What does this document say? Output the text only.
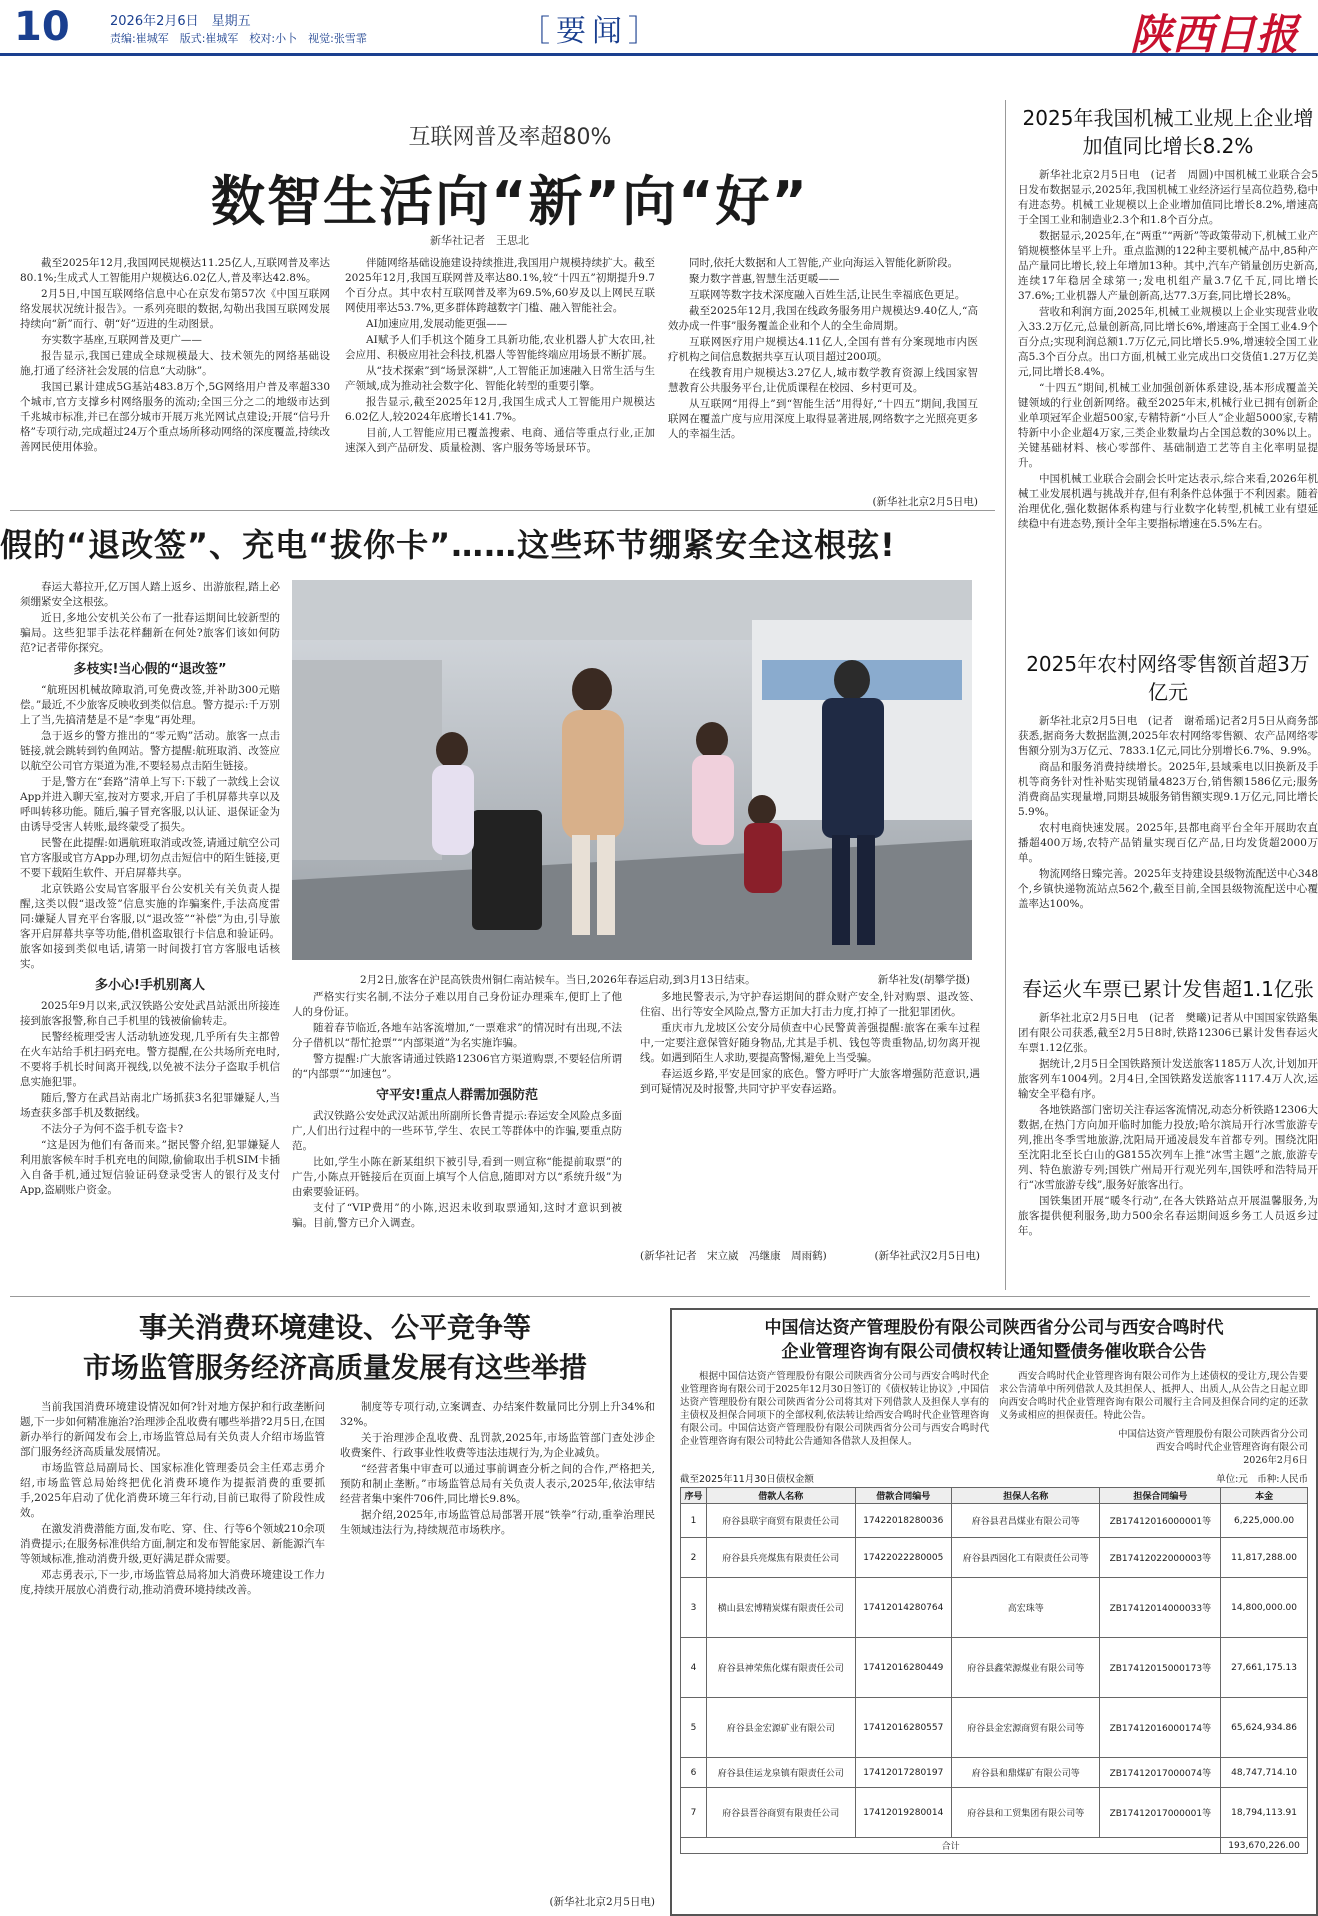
10	2026年2月6日　星期五
责编:崔城军　版式:崔城军　校对:小卜　视觉:张雪霏	［要闻］	陕西日报
互联网普及率超80%
数智生活向“新”向“好”
新华社记者　王思北

截至2025年12月,我国网民规模达11.25亿人,互联网普及率达80.1%;生成式人工智能用户规模达6.02亿人,普及率达42.8%。

2月5日,中国互联网络信息中心在京发布第57次《中国互联网络发展状况统计报告》。一系列亮眼的数据,勾勒出我国互联网发展持续向“新”而行、朝“好”迈进的生动图景。

夯实数字基座,互联网普及更广——

报告显示,我国已建成全球规模最大、技术领先的网络基础设施,打通了经济社会发展的信息“大动脉”。

我国已累计建成5G基站483.8万个,5G网络用户普及率超330个城市,官方支撑乡村网络服务的流动;全国三分之二的地级市达到千兆城市标准,并已在部分城市开展万兆光网试点建设;开展“信号升格”专项行动,完成超过24万个重点场所移动网络的深度覆盖,持续改善网民使用体验。

伴随网络基础设施建设持续推进,我国用户规模持续扩大。截至2025年12月,我国互联网普及率达80.1%,较“十四五”初期提升9.7个百分点。其中农村互联网普及率为69.5%,60岁及以上网民互联网使用率达53.7%,更多群体跨越数字门槛、融入智能社会。

AI加速应用,发展动能更强——

AI赋予人们手机这个随身工具新功能,农业机器人扩大农田,社会应用、积极应用社会科技,机器人等智能终端应用场景不断扩展。

从“技术探索”到“场景深耕”,人工智能正加速融入日常生活与生产领域,成为推动社会数字化、智能化转型的重要引擎。

报告显示,截至2025年12月,我国生成式人工智能用户规模达6.02亿人,较2024年底增长141.7%。

目前,人工智能应用已覆盖搜索、电商、通信等重点行业,正加速深入到产品研发、质量检测、客户服务等场景环节。

同时,依托大数据和人工智能,产业向海运入智能化新阶段。

聚力数字普惠,智慧生活更暖——

互联网等数字技术深度融入百姓生活,让民生幸福底色更足。

截至2025年12月,我国在线政务服务用户规模达9.40亿人,“高效办成一件事”服务覆盖企业和个人的全生命周期。

互联网医疗用户规模达4.11亿人,全国有普有分案现地市内医疗机构之间信息数据共享互认项目超过200项。

在线教育用户规模达3.27亿人,城市数学教育资源上线国家智慧教育公共服务平台,让优质课程在校园、乡村更可及。

从互联网“用得上”到“智能生活”用得好,“十四五”期间,我国互联网在覆盖广度与应用深度上取得显著进展,网络数字之光照亮更多人的幸福生活。

(新华社北京2月5日电)
2025年我国机械工业规上企业增加值同比增长8.2%

新华社北京2月5日电　(记者　周圆)中国机械工业联合会5日发布数据显示,2025年,我国机械工业经济运行呈高位趋势,稳中有进态势。机械工业规模以上企业增加值同比增长8.2%,增速高于全国工业和制造业2.3个和1.8个百分点。

数据显示,2025年,在“两重”“两新”等政策带动下,机械工业产销规模整体呈平上升。重点监测的122种主要机械产品中,85种产品产量同比增长,较上年增加13种。其中,汽车产销量创历史新高,连续17年稳居全球第一;发电机组产量3.7亿千瓦,同比增长37.6%;工业机器人产量创新高,达77.3万套,同比增长28%。

营收和利润方面,2025年,机械工业规模以上企业实现营业收入33.2万亿元,总量创新高,同比增长6%,增速高于全国工业4.9个百分点;实现利润总额1.7万亿元,同比增长5.9%,增速较全国工业高5.3个百分点。出口方面,机械工业完成出口交货值1.27万亿美元,同比增长8.4%。

“十四五”期间,机械工业加强创新体系建设,基本形成覆盖关键领域的行业创新网络。截至2025年末,机械行业已拥有创新企业单项冠军企业超500家,专精特新“小巨人”企业超5000家,专精特新中小企业超4万家,三类企业数量均占全国总数的30%以上。关键基础材料、核心零部件、基础制造工艺等自主化率明显提升。

中国机械工业联合会副会长叶定达表示,综合来看,2026年机械工业发展机遇与挑战并存,但有利条件总体强于不利因素。随着治理优化,强化数据体系构建与行业数字化转型,机械工业有望延续稳中有进态势,预计全年主要指标增速在5.5%左右。

2025年农村网络零售额首超3万亿元

新华社北京2月5日电　(记者　谢希瑶)记者2月5日从商务部获悉,据商务大数据监测,2025年农村网络零售额、农产品网络零售额分别为3万亿元、7833.1亿元,同比分别增长6.7%、9.9%。

商品和服务消费持续增长。2025年,县域乘电以旧换新及手机等商务针对性补贴实现销量4823万台,销售额1586亿元;服务消费商品实现量增,同期县城服务销售额实现9.1万亿元,同比增长5.9%。

农村电商快速发展。2025年,县都电商平台全年开展助农直播超400万场,农特产品销量实现百亿产品,日均发货超2000万单。

物流网络日臻完善。2025年支持建设县级物流配送中心348个,乡镇快递物流站点562个,截至目前,全国县级物流配送中心覆盖率达100%。

春运火车票已累计发售超1.1亿张

新华社北京2月5日电　(记者　樊曦)记者从中国国家铁路集团有限公司获悉,截至2月5日8时,铁路12306已累计发售春运火车票1.12亿张。

据统计,2月5日全国铁路预计发送旅客1185万人次,计划加开旅客列车1004列。2月4日,全国铁路发送旅客1117.4万人次,运输安全平稳有序。

各地铁路部门密切关注春运客流情况,动态分析铁路12306大数据,在热门方向加开临时加能力投放;哈尔滨局开行冰雪旅游专列,推出冬季雪地旅游,沈阳局开通凌晨发车首都专列。围绕沈阳至沈阳北至长白山的G8155次列车上推“冰雪主题”之旅,旅游专列、特色旅游专列;国铁广州局开行观光列车,国铁呼和浩特局开行“冰雪旅游专线”,服务好旅客出行。

国铁集团开展“暖冬行动”,在各大铁路站点开展温馨服务,为旅客提供便利服务,助力500余名春运期间返乡务工人员返乡过年。

假的“退改签”、充电“拔你卡”……这些环节绷紧安全这根弦!

春运大幕拉开,亿万国人踏上返乡、出游旅程,踏上必须绷紧安全这根弦。

近日,多地公安机关公布了一批春运期间比较新型的骗局。这些犯罪手法花样翻新在何处?旅客们该如何防范?记者带你探究。

多枝实!当心假的“退改签”

“航班因机械故障取消,可免费改签,并补助300元赔偿。”最近,不少旅客反映收到类似信息。警方提示:千万别上了当,先搞清楚是不是“李鬼”再处理。

急于返乡的警方推出的“零元购”活动。旅客一点击链接,就会跳转到钓鱼网站。警方提醒:航班取消、改签应以航空公司官方渠道为准,不要轻易点击陌生链接。

于是,警方在“套路”清单上写下:下载了一款线上会议App并进入聊天室,按对方要求,开启了手机屏幕共享以及呼叫转移功能。随后,骗子冒充客服,以认证、退保证金为由诱导受害人转账,最终蒙受了损失。

民警在此提醒:如遇航班取消或改签,请通过航空公司官方客服或官方App办理,切勿点击短信中的陌生链接,更不要下载陌生软件、开启屏幕共享。

北京铁路公安局官客服平台公安机关有关负责人提醒,这类以假“退改签”信息实施的诈骗案件,手法高度雷同:嫌疑人冒充平台客服,以“退改签”“补偿”为由,引导旅客开启屏幕共享等功能,借机盗取银行卡信息和验证码。旅客如接到类似电话,请第一时间拨打官方客服电话核实。

多小心!手机别离人

2025年9月以来,武汉铁路公安处武昌站派出所接连接到旅客报警,称自己手机里的钱被偷偷转走。

民警经梳理受害人活动轨迹发现,几乎所有失主都曾在火车站给手机扫码充电。警方提醒,在公共场所充电时,不要将手机长时间离开视线,以免被不法分子盗取手机信息实施犯罪。

随后,警方在武昌站南北广场抓获3名犯罪嫌疑人,当场查获多部手机及数据线。

不法分子为何不盗手机专盗卡?

“这是因为他们有备而来。”据民警介绍,犯罪嫌疑人利用旅客候车时手机充电的间隙,偷偷取出手机SIM卡插入自备手机,通过短信验证码登录受害人的银行及支付App,盗刷账户资金。

2月2日,旅客在沪昆高铁贵州铜仁南站候车。当日,2026年春运启动,到3月13日结束。	新华社发(胡攀学摄)

严格实行实名制,不法分子难以用自己身份证办理乘车,便盯上了他人的身份证。

随着春节临近,各地车站客流增加,“一票难求”的情况时有出现,不法分子借机以“帮忙抢票”“内部渠道”为名实施诈骗。

警方提醒:广大旅客请通过铁路12306官方渠道购票,不要轻信所谓的“内部票”“加速包”。

守平安!重点人群需加强防范

武汉铁路公安处武汉站派出所副所长鲁青提示:春运安全风险点多面广,人们出行过程中的一些环节,学生、农民工等群体中的诈骗,要重点防范。

比如,学生小陈在新某组织下被引导,看到一则宣称“能提前取票”的广告,小陈点开链接后在页面上填写个人信息,随即对方以“系统升级”为由索要验证码。

支付了“VIP费用”的小陈,迟迟未收到取票通知,这时才意识到被骗。目前,警方已介入调查。

多地民警表示,为守护春运期间的群众财产安全,针对购票、退改签、住宿、出行等安全风险点,警方正加大打击力度,打掉了一批犯罪团伙。

重庆市九龙坡区公安分局侦查中心民警黄善强提醒:旅客在乘车过程中,一定要注意保管好随身物品,尤其是手机、钱包等贵重物品,切勿离开视线。如遇到陌生人求助,要提高警惕,避免上当受骗。

春运返乡路,平安是回家的底色。警方呼吁广大旅客增强防范意识,遇到可疑情况及时报警,共同守护平安春运路。

(新华社记者　宋立崴　冯继康　周雨鹤)	(新华社武汉2月5日电)
事关消费环境建设、公平竞争等
市场监管服务经济高质量发展有这些举措

当前我国消费环境建设情况如何?针对地方保护和行政垄断问题,下一步如何精准施治?治理涉企乱收费有哪些举措?2月5日,在国新办举行的新闻发布会上,市场监管总局有关负责人介绍市场监管部门服务经济高质量发展情况。

市场监管总局副局长、国家标准化管理委员会主任邓志勇介绍,市场监管总局始终把优化消费环境作为提振消费的重要抓手,2025年启动了优化消费环境三年行动,目前已取得了阶段性成效。

在激发消费潜能方面,发布吃、穿、住、行等6个领域210余项消费提示;在服务标准供给方面,制定和发布智能家居、新能源汽车等领域标准,推动消费升级,更好满足群众需要。

邓志勇表示,下一步,市场监管总局将加大消费环境建设工作力度,持续开展放心消费行动,推动消费环境持续改善。

制度等专项行动,立案调查、办结案件数量同比分别上升34%和32%。

关于治理涉企乱收费、乱罚款,2025年,市场监管部门查处涉企收费案件、行政事业性收费等违法违规行为,为企业减负。

“经营者集中审查可以通过事前调查分析之间的合作,严格把关,预防和制止垄断。”市场监管总局有关负责人表示,2025年,依法审结经营者集中案件706件,同比增长9.8%。

据介绍,2025年,市场监管总局部署开展“铁拳”行动,重拳治理民生领域违法行为,持续规范市场秩序。

(新华社北京2月5日电)
中国信达资产管理股份有限公司陕西省分公司与西安合鸣时代
企业管理咨询有限公司债权转让通知暨债务催收联合公告

根据中国信达资产管理股份有限公司陕西省分公司与西安合鸣时代企业管理咨询有限公司于2025年12月30日签订的《债权转让协议》,中国信达资产管理股份有限公司陕西省分公司将其对下列借款人及担保人享有的主债权及担保合同项下的全部权利,依法转让给西安合鸣时代企业管理咨询有限公司。中国信达资产管理股份有限公司陕西省分公司与西安合鸣时代企业管理咨询有限公司特此公告通知各借款人及担保人。

西安合鸣时代企业管理咨询有限公司作为上述债权的受让方,现公告要求公告清单中所列借款人及其担保人、抵押人、出质人,从公告之日起立即向西安合鸣时代企业管理咨询有限公司履行主合同及担保合同约定的还款义务或相应的担保责任。特此公告。

中国信达资产管理股份有限公司陕西省分公司
西安合鸣时代企业管理咨询有限公司
2026年2月6日
截至2025年11月30日债权金额	单位:元　币种:人民币
序号	借款人名称	借款合同编号	担保人名称	担保合同编号	本金
1	府谷县联宇商贸有限责任公司	17422018280036	府谷县君昌煤业有限公司等	ZB17412016000001等	6,225,000.00
2	府谷县兵亮煤焦有限责任公司	17422022280005	府谷县西园化工有限责任公司等	ZB17412022000003等	11,817,288.00
3	横山县宏博精炭煤有限责任公司	17412014280764	高宏珠等	ZB17412014000033等	14,800,000.00
4	府谷县神荣焦化煤有限责任公司	17412016280449	府谷县鑫荣源煤业有限公司等	ZB17412015000173等	27,661,175.13
5	府谷县金宏源矿业有限公司	17412016280557	府谷县金宏源商贸有限公司等	ZB17412016000174等	65,624,934.86
6	府谷县佳运龙泉镇有限责任公司	17412017280197	府谷县和鼎煤矿有限公司等	ZB17412017000074等	48,747,714.10
7	府谷县晋谷商贸有限责任公司	17412019280014	府谷县和工贸集团有限公司等	ZB17412017000001等	18,794,113.91
合计					193,670,226.00
